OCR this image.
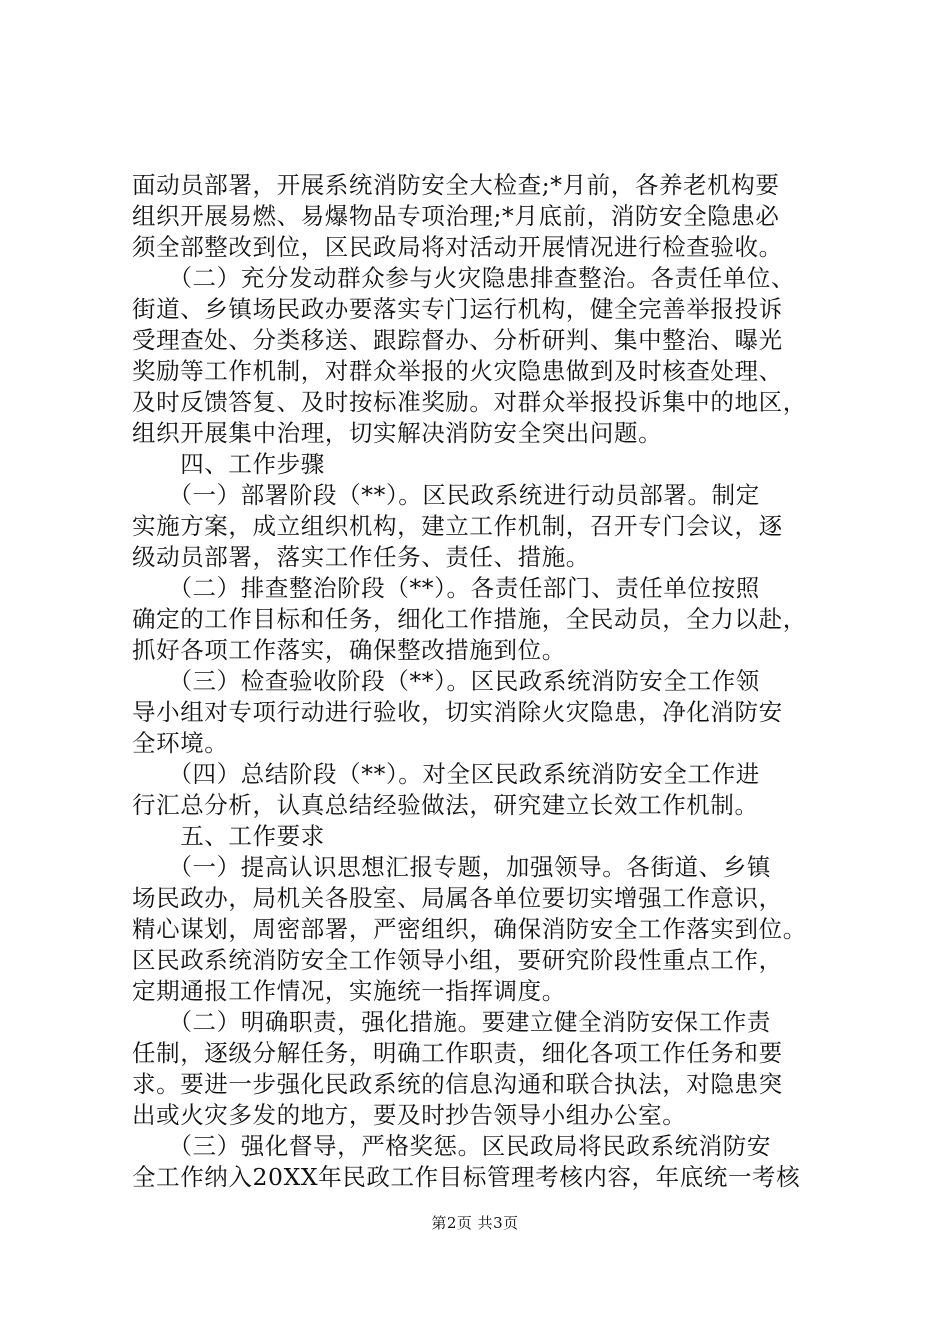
面动员部署，开展系统消防安全大检查;*月前，各养老机构要
组织开展易燃、易爆物品专项治理;*月底前，消防安全隐患必
须全部整改到位，区民政局将对活动开展情况进行检查验收。
　　（二）充分发动群众参与火灾隐患排查整治。各责任单位、
街道、乡镇场民政办要落实专门运行机构，健全完善举报投诉
受理查处、分类移送、跟踪督办、分析研判、集中整治、曝光
奖励等工作机制，对群众举报的火灾隐患做到及时核查处理、
及时反馈答复、及时按标准奖励。对群众举报投诉集中的地区，
组织开展集中治理，切实解决消防安全突出问题。
　　四、工作步骤
　　（一）部署阶段（**）。区民政系统进行动员部署。制定
实施方案，成立组织机构，建立工作机制，召开专门会议，逐
级动员部署，落实工作任务、责任、措施。
　　（二）排查整治阶段（**）。各责任部门、责任单位按照
确定的工作目标和任务，细化工作措施，全民动员，全力以赴，
抓好各项工作落实，确保整改措施到位。
　　（三）检查验收阶段（**）。区民政系统消防安全工作领
导小组对专项行动进行验收，切实消除火灾隐患，净化消防安
全环境。
　　（四）总结阶段（**）。对全区民政系统消防安全工作进
行汇总分析，认真总结经验做法，研究建立长效工作机制。
　　五、工作要求
　　（一）提高认识思想汇报专题，加强领导。各街道、乡镇
场民政办，局机关各股室、局属各单位要切实增强工作意识，
精心谋划，周密部署，严密组织，确保消防安全工作落实到位。
区民政系统消防安全工作领导小组，要研究阶段性重点工作，
定期通报工作情况，实施统一指挥调度。
　　（二）明确职责，强化措施。要建立健全消防安保工作责
任制，逐级分解任务，明确工作职责，细化各项工作任务和要
求。要进一步强化民政系统的信息沟通和联合执法，对隐患突
出或火灾多发的地方，要及时抄告领导小组办公室。
　　（三）强化督导，严格奖惩。区民政局将民政系统消防安
全工作纳入20XX年民政工作目标管理考核内容，年底统一考核
第2页 共3页
